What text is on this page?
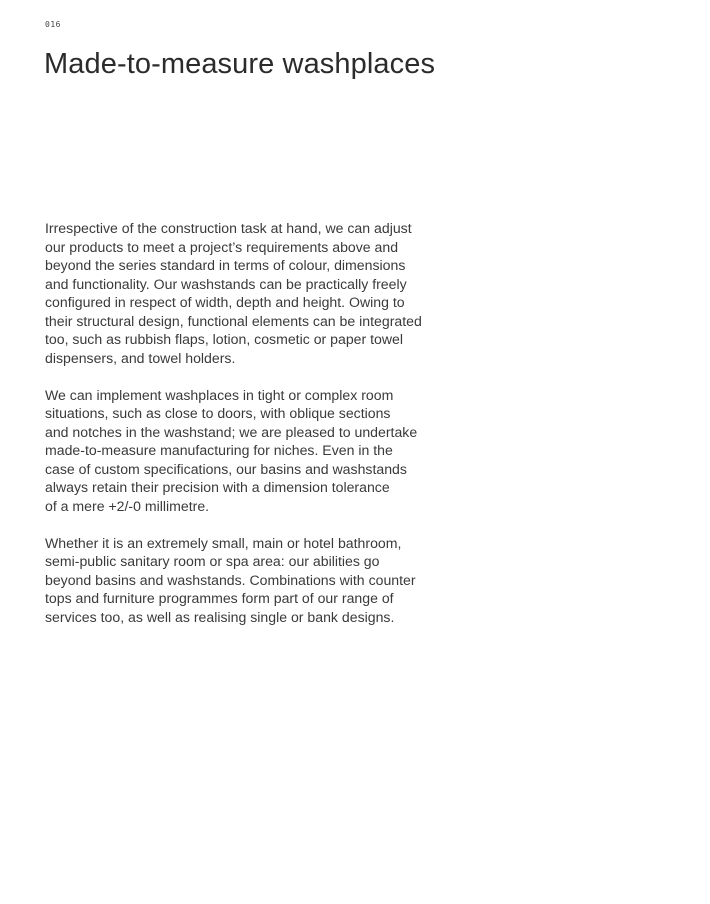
016
Made-to-measure washplaces

Irrespective of the construction task at hand, we can adjust
our products to meet a project’s requirements above and
beyond the series standard in terms of colour, dimensions
and functionality. Our washstands can be practically freely
configured in respect of width, depth and height. Owing to
their structural design, functional elements can be integrated
too, such as rubbish flaps, lotion, cosmetic or paper towel
dispensers, and towel holders.

We can implement washplaces in tight or complex room
situations, such as close to doors, with oblique sections
and notches in the washstand; we are pleased to undertake
made-to-measure manufacturing for niches. Even in the
case of custom specifications, our basins and washstands
always retain their precision with a dimension tolerance
of a mere +2/-0 millimetre.

Whether it is an extremely small, main or hotel bathroom,
semi-public sanitary room or spa area: our abilities go
beyond basins and washstands. Combinations with counter
tops and furniture programmes form part of our range of
services too, as well as realising single or bank designs.
